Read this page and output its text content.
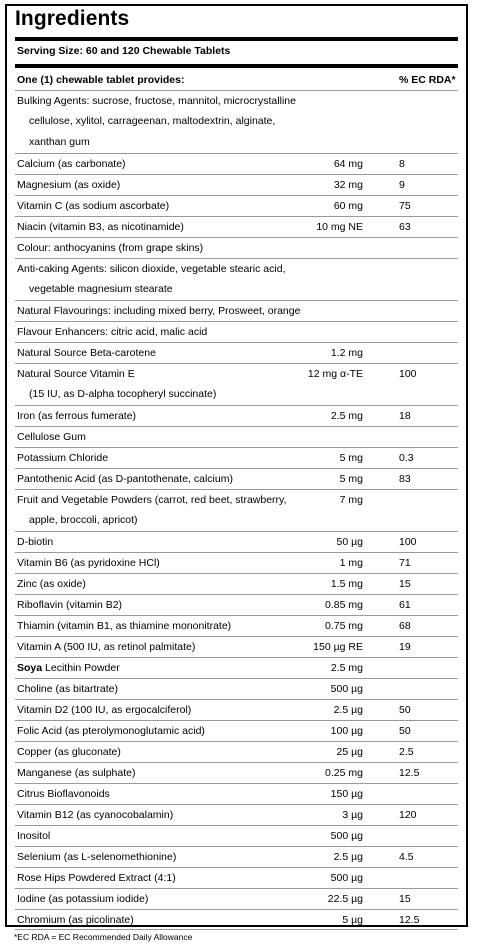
Ingredients
Serving Size: 60 and 120 Chewable Tablets
One (1) chewable tablet provides:	% EC RDA*
Bulking Agents: sucrose, fructose, mannitol, microcrystalline
cellulose, xylitol, carrageenan, maltodextrin, alginate,
xanthan gum
Calcium (as carbonate)	64 mg	8
Magnesium (as oxide)	32 mg	9
Vitamin C (as sodium ascorbate)	60 mg	75
Niacin (vitamin B3, as nicotinamide)	10 mg NE	63
Colour: anthocyanins (from grape skins)
Anti-caking Agents: silicon dioxide, vegetable stearic acid,
vegetable magnesium stearate
Natural Flavourings: including mixed berry, Prosweet, orange
Flavour Enhancers: citric acid, malic acid
Natural Source Beta-carotene	1.2 mg
Natural Source Vitamin E	12 mg α-TE	100
(15 IU, as D-alpha tocopheryl succinate)
Iron (as ferrous fumerate)	2.5 mg	18
Cellulose Gum
Potassium Chloride	5 mg	0.3
Pantothenic Acid (as D-pantothenate, calcium)	5 mg	83
Fruit and Vegetable Powders (carrot, red beet, strawberry,	7 mg
apple, broccoli, apricot)
D-biotin	50 µg	100
Vitamin B6 (as pyridoxine HCl)	1 mg	71
Zinc (as oxide)	1.5 mg	15
Riboflavin (vitamin B2)	0.85 mg	61
Thiamin (vitamin B1, as thiamine mononitrate)	0.75 mg	68
Vitamin A (500 IU, as retinol palmitate)	150 µg RE	19
Soya Lecithin Powder	2.5 mg
Choline (as bitartrate)	500 µg
Vitamin D2 (100 IU, as ergocalciferol)	2.5 µg	50
Folic Acid (as pterolymonoglutamic acid)	100 µg	50
Copper (as gluconate)	25 µg	2.5
Manganese (as sulphate)	0.25 mg	12.5
Citrus Bioflavonoids	150 µg
Vitamin B12 (as cyanocobalamin)	3 µg	120
Inositol	500 µg
Selenium (as L-selenomethionine)	2.5 µg	4.5
Rose Hips Powdered Extract (4:1)	500 µg
Iodine (as potassium iodide)	22.5 µg	15
Chromium (as picolinate)	5 µg	12.5
*EC RDA = EC Recommended Daily Allowance
